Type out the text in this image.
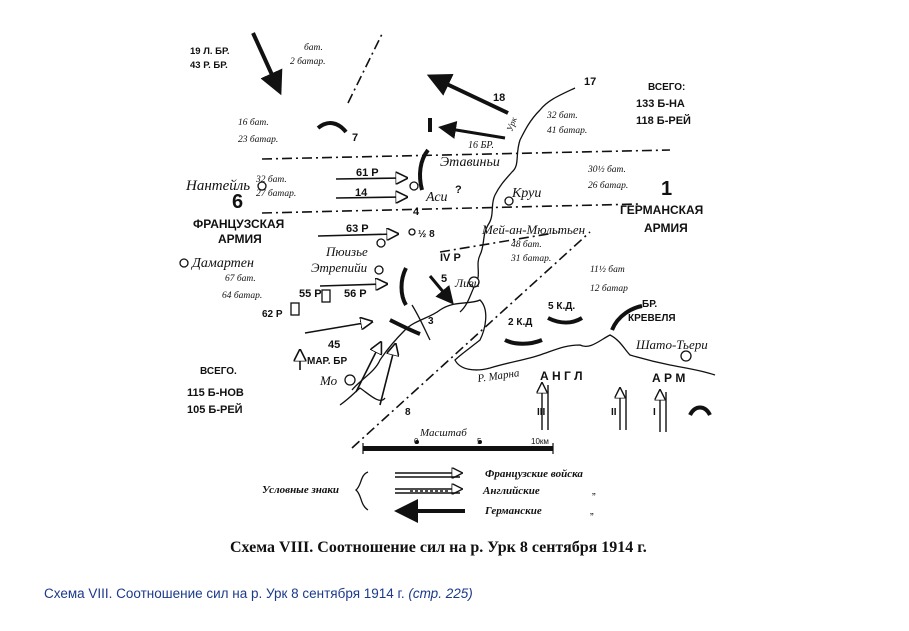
Масштаб
0	5	10км
Условные знаки
Французские войска
Английские	„
Германские	„
ВСЕГО:
133 Б-НА
118 Б-РЕЙ
ВСЕГО.
115 Б-НОВ
105 Б-РЕЙ
19 Л. БР.
43 Р. БР.
бат.
2 батар.
16 бат.
23 батар.
32 бат.
27 батар.
67 бат.
64 батар.
32 бат.
41 батар.
30½ бат.
26 батар.
48 бат.
31 батар.
11½ бат
12 батар
17
18
7
16 БР.
61 Р
14
63 Р
4
½ 8
IV Р
5
55 Р 56 Р
62 Р
45
МАР. БР
2 К.Д
5 К.Д.	БР.
КРЕВЕЛЯ
?
III	II	I
8
3
Нантейль
Этавиньи
Аси	Круи
Мей-ан-Мюльтьен
Пюизье
Этрепийи
Дамартен
Лизи
Мо
Шато-Тьери
Р. Марна А Н Г Л	А Р М
Урк
ФРАНЦУЗСКАЯ
АРМИЯ
6	ГЕРМАНСКАЯ
АРМИЯ
1
Схема VIII. Соотношение сил на р. Урк 8 сентября 1914 г.
Схема VIII. Соотношение сил на р. Урк 8 сентября 1914 г. (стр. 225)
